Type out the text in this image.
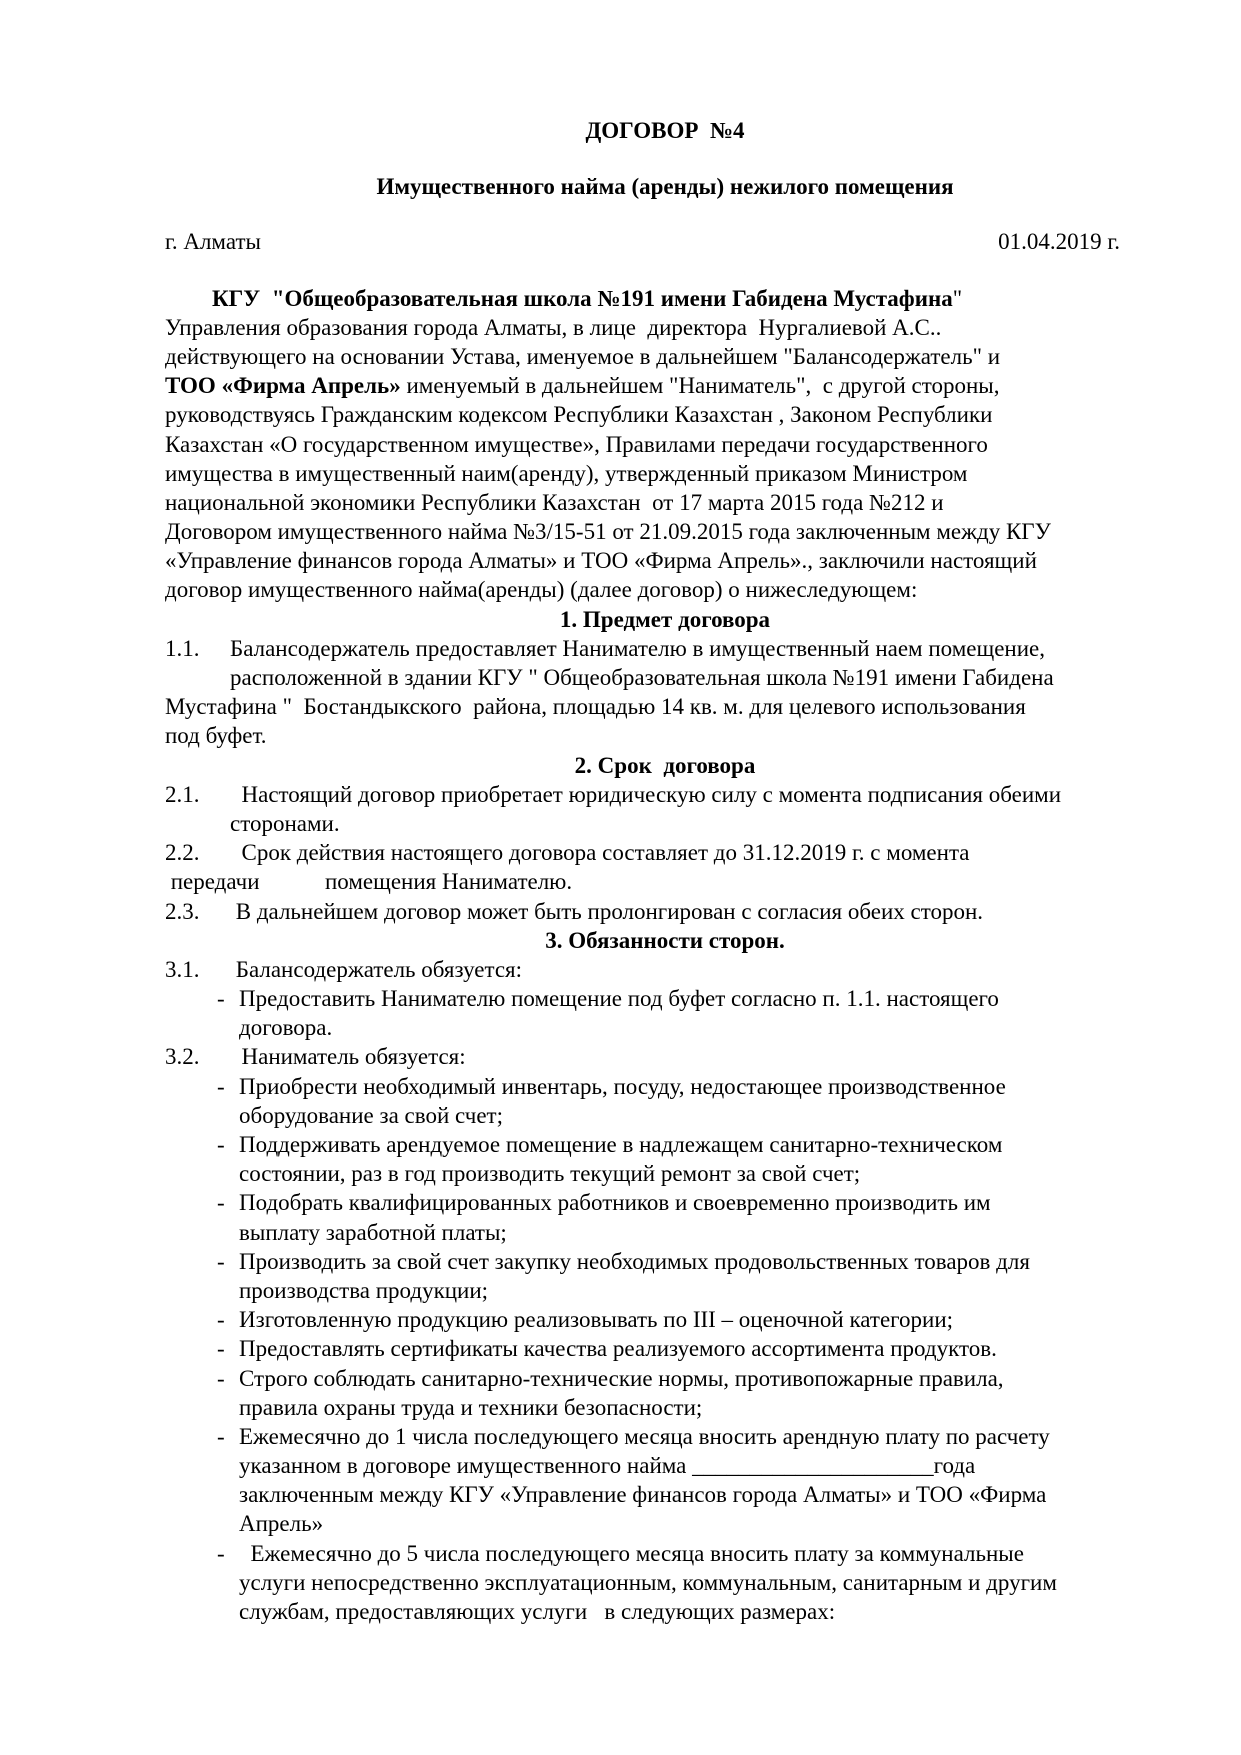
ДОГОВОР  №4
Имущественного найма (аренды) нежилого помещения
г. Алматы	01.04.2019 г.
КГУ  "Общеобразовательная школа №191 имени Габидена Мустафина"
Управления образования города Алматы, в лице  директора  Нургалиевой А.С..
действующего на основании Устава, именуемое в дальнейшем "Балансодержатель" и
ТОО «Фирма Апрель» именуемый в дальнейшем "Наниматель",  с другой стороны,
руководствуясь Гражданским кодексом Республики Казахстан , Законом Республики
Казахстан «О государственном имуществе», Правилами передачи государственного
имущества в имущественный наим(аренду), утвержденный приказом Министром
национальной экономики Республики Казахстан  от 17 марта 2015 года №212 и
Договором имущественного найма №3/15-51 от 21.09.2015 года заключенным между КГУ
«Управление финансов города Алматы» и ТОО «Фирма Апрель»., заключили настоящий
договор имущественного найма(аренды) (далее договор) о нижеследующем:
1. Предмет договора
1.1. Балансодержатель предоставляет Нанимателю в имущественный наем помещение,
расположенной в здании КГУ " Общеобразовательная школа №191 имени Габидена
Мустафина "  Бостандыкского  района, площадью 14 кв. м. для целевого использования
под буфет.
2. Срок  договора
2.1. Настоящий договор приобретает юридическую силу с момента подписания обеими
сторонами.
2.2. Срок действия настоящего договора составляет до 31.12.2019 г. с момента
передачи	помещения Нанимателю.
2.3. В дальнейшем договор может быть пролонгирован с согласия обеих сторон.
3. Обязанности сторон.
3.1. Балансодержатель обязуется:
- Предоставить Нанимателю помещение под буфет согласно п. 1.1. настоящего
договора.
3.2. Наниматель обязуется:
- Приобрести необходимый инвентарь, посуду, недостающее производственное
оборудование за свой счет;
- Поддерживать арендуемое помещение в надлежащем санитарно-техническом
состоянии, раз в год производить текущий ремонт за свой счет;
- Подобрать квалифицированных работников и своевременно производить им
выплату заработной платы;
- Производить за свой счет закупку необходимых продовольственных товаров для
производства продукции;
- Изготовленную продукцию реализовывать по III – оценочной категории;
- Предоставлять сертификаты качества реализуемого ассортимента продуктов.
- Строго соблюдать санитарно-технические нормы, противопожарные правила,
правила охраны труда и техники безопасности;
- Ежемесячно до 1 числа последующего месяца вносить арендную плату по расчету
указанном в договоре имущественного найма _____________________года
заключенным между КГУ «Управление финансов города Алматы» и ТОО «Фирма
Апрель»
- Ежемесячно до 5 числа последующего месяца вносить плату за коммунальные
услуги непосредственно эксплуатационным, коммунальным, санитарным и другим
службам, предоставляющих услуги   в следующих размерах:
